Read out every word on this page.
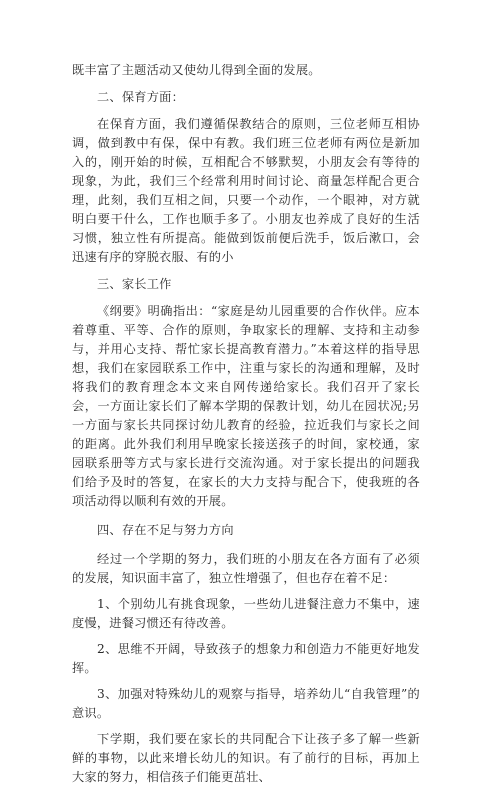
既丰富了主题活动又使幼儿得到全面的发展。

二、保育方面：

在保育方面，我们遵循保教结合的原则，三位老师互相协调，做到教中有保，保中有教。我们班三位老师有两位是新加入的，刚开始的时候，互相配合不够默契，小朋友会有等待的现象，为此，我们三个经常利用时间讨论、商量怎样配合更合理，此刻，我们互相之间，只要一个动作，一个眼神，对方就明白要干什么，工作也顺手多了。小朋友也养成了良好的生活习惯，独立性有所提高。能做到饭前便后洗手，饭后漱口，会迅速有序的穿脱衣服、有的小

三、家长工作

《纲要》明确指出：“家庭是幼儿园重要的合作伙伴。应本着尊重、平等、合作的原则，争取家长的理解、支持和主动参与，并用心支持、帮忙家长提高教育潜力。”本着这样的指导思想，我们在家园联系工作中，注重与家长的沟通和理解，及时将我们的教育理念本文来自网传递给家长。我们召开了家长会，一方面让家长们了解本学期的保教计划，幼儿在园状况;另一方面与家长共同探讨幼儿教育的经验，拉近我们与家长之间的距离。此外我们利用早晚家长接送孩子的时间，家校通，家园联系册等方式与家长进行交流沟通。对于家长提出的问题我们给予及时的答复，在家长的大力支持与配合下，使我班的各项活动得以顺利有效的开展。

四、存在不足与努力方向

经过一个学期的努力，我们班的小朋友在各方面有了必须的发展，知识面丰富了，独立性增强了，但也存在着不足：

1、个别幼儿有挑食现象，一些幼儿进餐注意力不集中，速度慢，进餐习惯还有待改善。

2、思维不开阔，导致孩子的想象力和创造力不能更好地发挥。

3、加强对特殊幼儿的观察与指导，培养幼儿“自我管理”的意识。

下学期，我们要在家长的共同配合下让孩子多了解一些新鲜的事物，以此来增长幼儿的知识。有了前行的目标，再加上大家的努力，相信孩子们能更茁壮、
